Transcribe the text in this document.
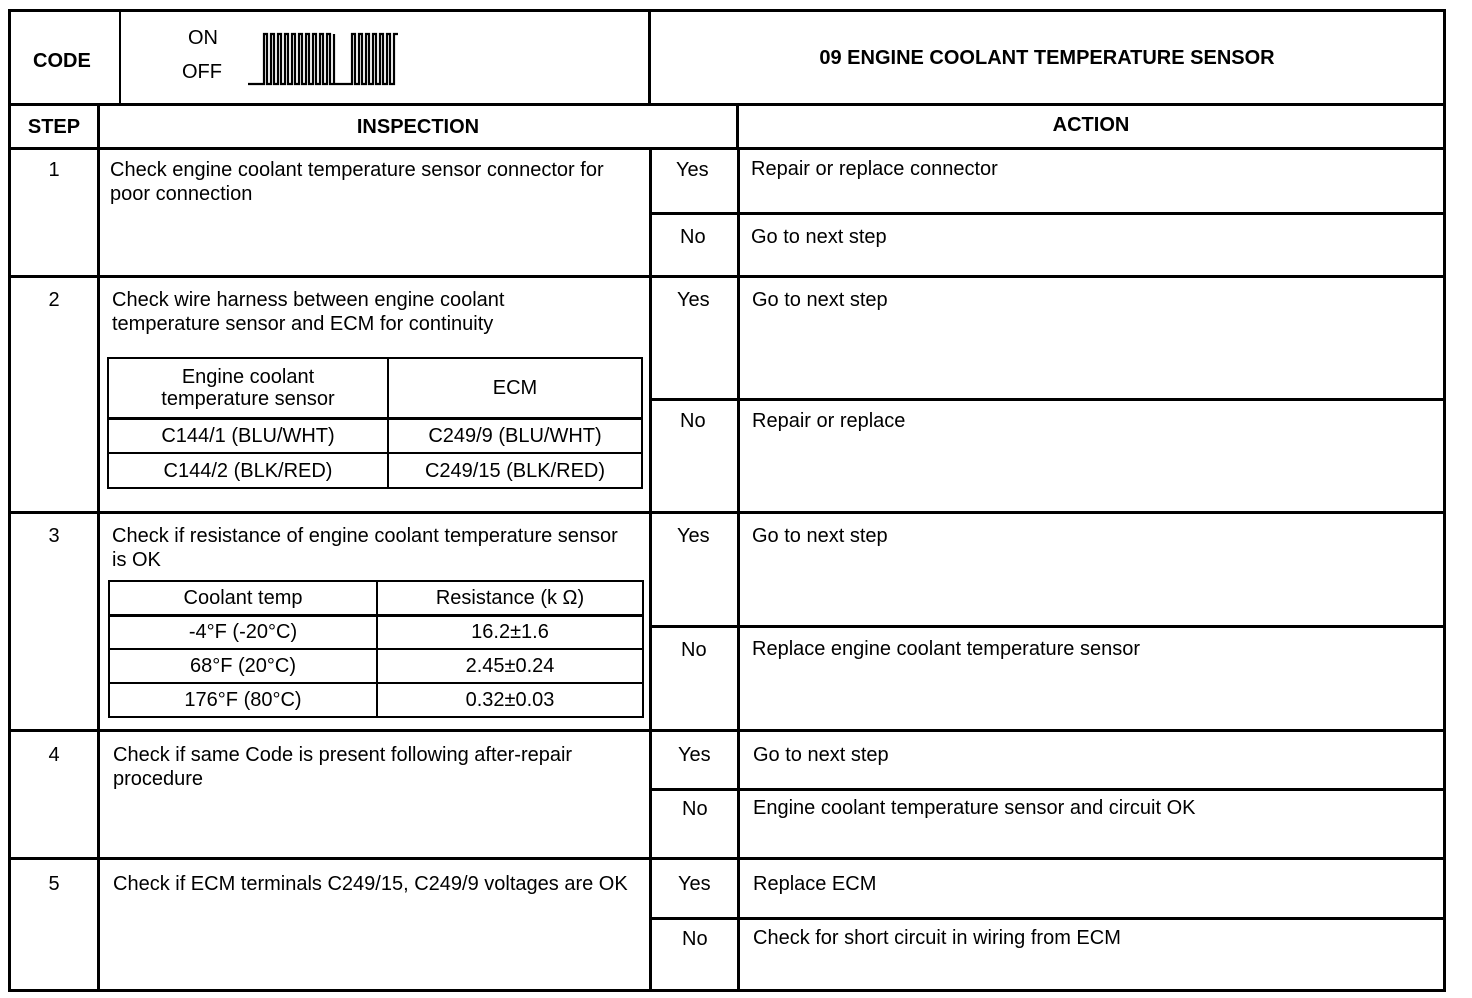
CODE
ON
OFF
09 ENGINE COOLANT TEMPERATURE SENSOR
STEP	INSPECTION	ACTION
1	Check engine coolant temperature sensor connector for poor connection
Yes Repair or replace connector
No Go to next step
2	Check wire harness between engine coolant temperature sensor and ECM for continuity
Engine coolant temperature sensor	ECM
C144/1 (BLU/WHT)	C249/9 (BLU/WHT)
C144/2 (BLK/RED)	C249/15 (BLK/RED)
Yes Go to next step
No Repair or replace
3	Check if resistance of engine coolant temperature sensor is OK
Coolant temp	Resistance (k Ω)
-4°F (-20°C)	16.2±1.6
68°F (20°C)	2.45±0.24
176°F (80°C)	0.32±0.03
Yes Go to next step
No Replace engine coolant temperature sensor
4	Check if same Code is present following after-repair procedure
Yes Go to next step
No Engine coolant temperature sensor and circuit OK
5	Check if ECM terminals C249/15, C249/9 voltages are OK	Yes Replace ECM
No Check for short circuit in wiring from ECM
